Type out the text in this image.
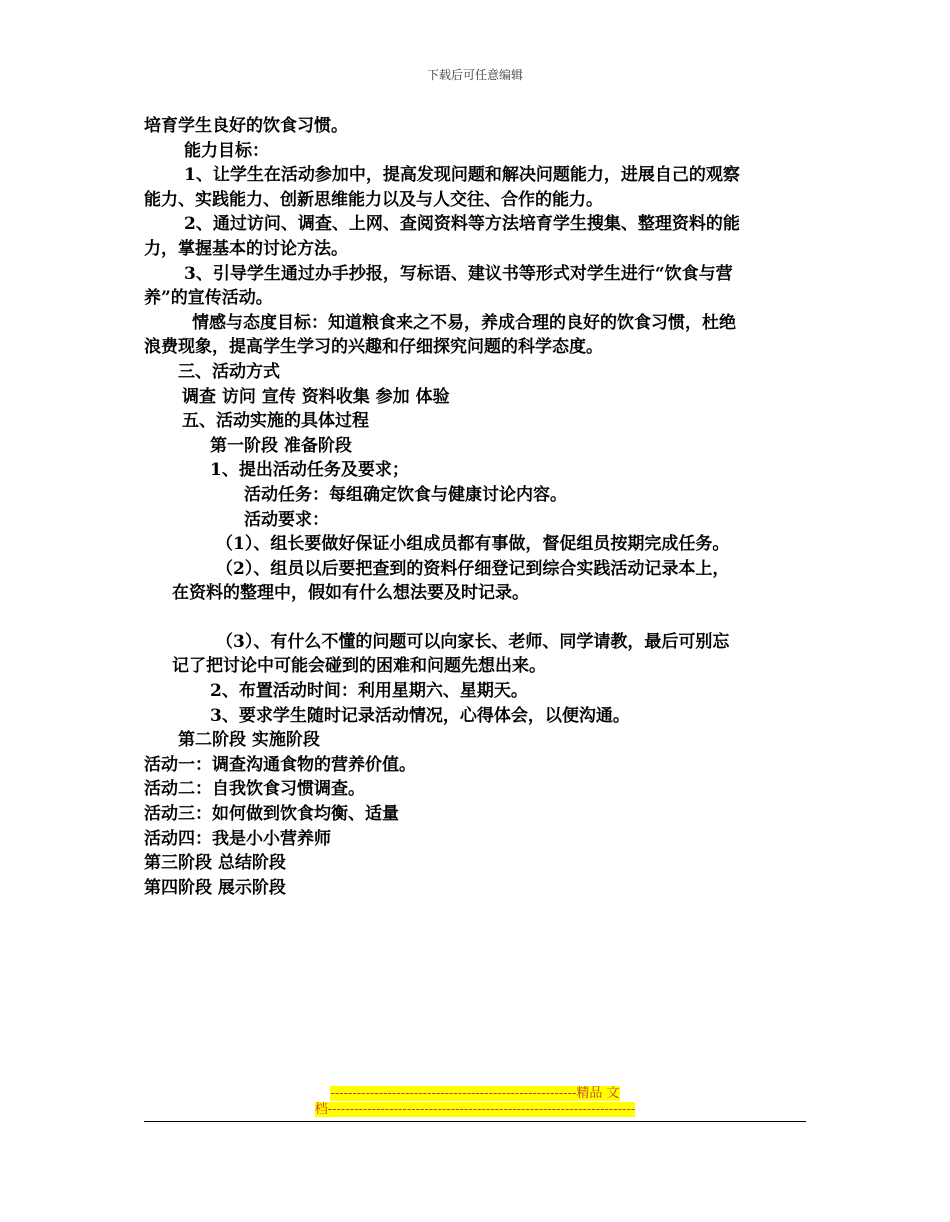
下载后可任意编辑
培育学生良好的饮食习惯。
能力目标：
1、让学生在活动参加中，提高发现问题和解决问题能力，进展自己的观察
能力、实践能力、创新思维能力以及与人交往、合作的能力。
2、通过访问、调查、上网、查阅资料等方法培育学生搜集、整理资料的能
力，掌握基本的讨论方法。
3、引导学生通过办手抄报，写标语、建议书等形式对学生进行“饮食与营
养”的宣传活动。
情感与态度目标：知道粮食来之不易，养成合理的良好的饮食习惯，杜绝
浪费现象，提高学生学习的兴趣和仔细探究问题的科学态度。
三、活动方式
调查 访问 宣传 资料收集 参加 体验
五、活动实施的具体过程
第一阶段 准备阶段
1、提出活动任务及要求；
活动任务：每组确定饮食与健康讨论内容。
活动要求：
（1）、组长要做好保证小组成员都有事做，督促组员按期完成任务。
（2）、组员以后要把查到的资料仔细登记到综合实践活动记录本上，
在资料的整理中，假如有什么想法要及时记录。
（3）、有什么不懂的问题可以向家长、老师、同学请教，最后可别忘
记了把讨论中可能会碰到的困难和问题先想出来。
2、布置活动时间：利用星期六、星期天。
3、要求学生随时记录活动情况，心得体会，以便沟通。
第二阶段 实施阶段
活动一：调查沟通食物的营养价值。
活动二：自我饮食习惯调查。
活动三：如何做到饮食均衡、适量
活动四：我是小小营养师
第三阶段 总结阶段
第四阶段 展示阶段
--------------------------------------------------------精品 文
档----------------------------------------------------------------------
